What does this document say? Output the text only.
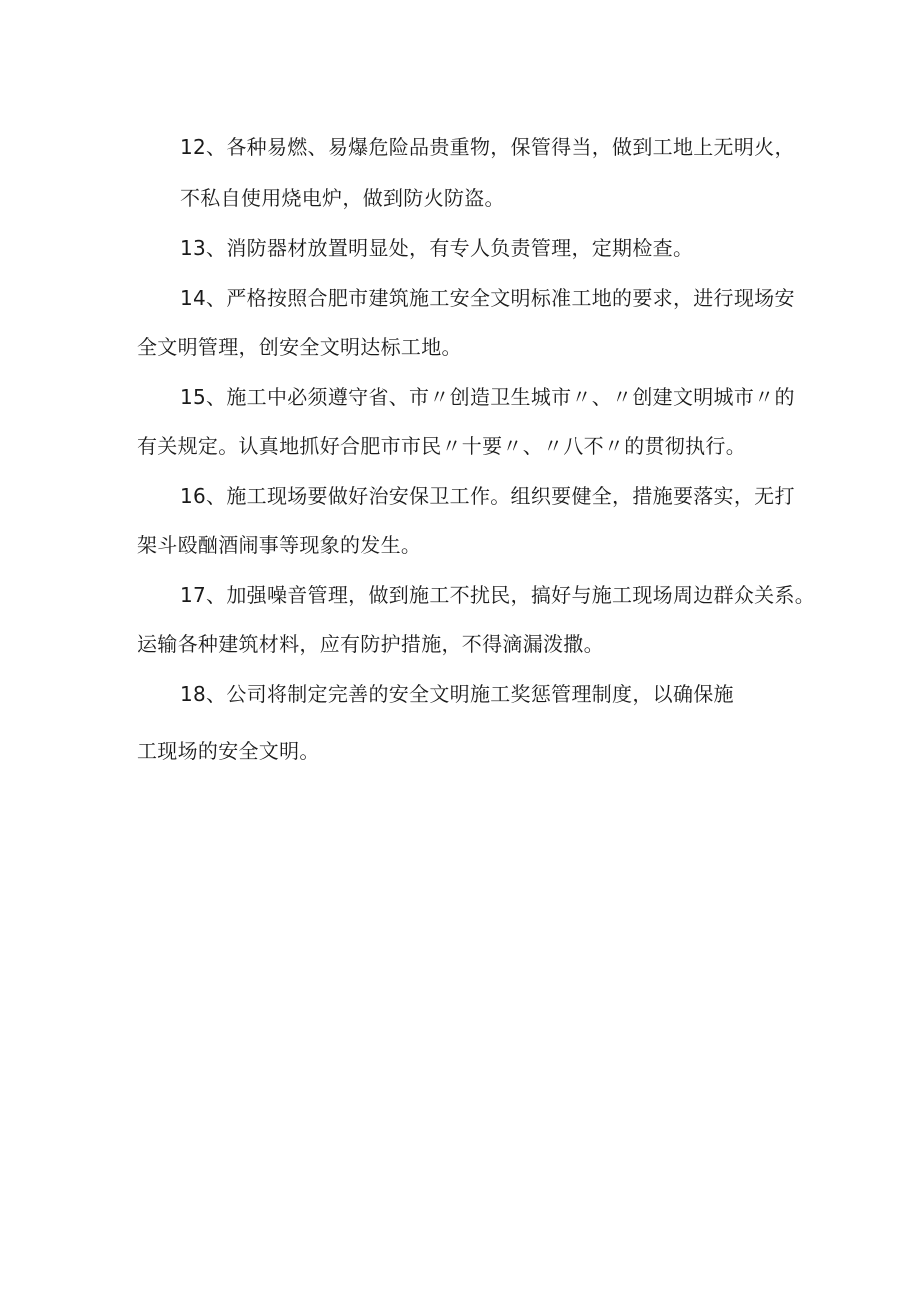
12、各种易燃、易爆危险品贵重物，保管得当，做到工地上无明火，
不私自使用烧电炉，做到防火防盗。
13、消防器材放置明显处，有专人负责管理，定期检查。
14、严格按照合肥市建筑施工安全文明标准工地的要求，进行现场安
全文明管理，创安全文明达标工地。
15、施工中必须遵守省、市〃创造卫生城市〃、〃创建文明城市〃的
有关规定。认真地抓好合肥市市民〃十要〃、〃八不〃的贯彻执行。
16、施工现场要做好治安保卫工作。组织要健全，措施要落实，无打
架斗殴酗酒闹事等现象的发生。
17、加强噪音管理，做到施工不扰民，搞好与施工现场周边群众关系。
运输各种建筑材料，应有防护措施，不得滴漏泼撒。
18、公司将制定完善的安全文明施工奖惩管理制度，以确保施
工现场的安全文明。
